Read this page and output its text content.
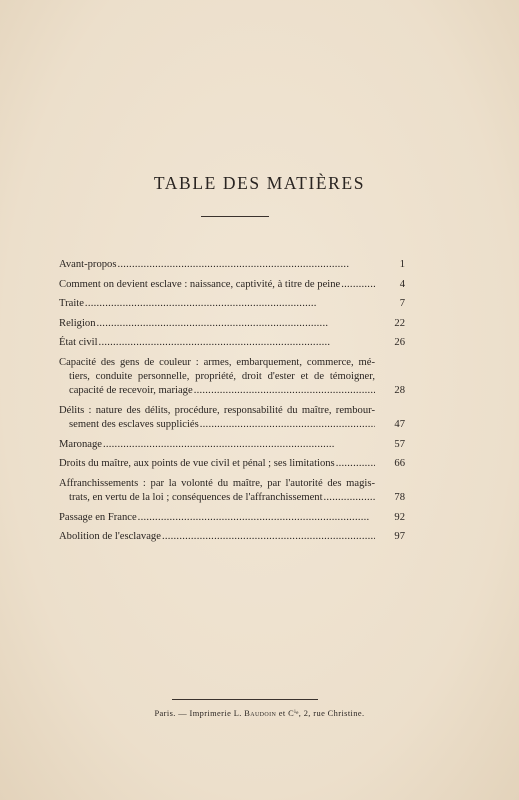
TABLE DES MATIÈRES
Avant-propos . . .	1
Comment on devient esclave : naissance, captivité, à titre de peine . . .	4
Traite . . .	7
Religion . . .	22
État civil . . .	26
Capacité des gens de couleur : armes, embarquement, commerce, mé-
tiers, conduite personnelle, propriété, droit d'ester et de témoigner,
capacité de recevoir, mariage . . .	28
Délits : nature des délits, procédure, responsabilité du maître, rembour-
sement des esclaves suppliciés . . .	47
Maronage . . .	57
Droits du maître, aux points de vue civil et pénal ; ses limitations . . .	66
Affranchissements : par la volonté du maître, par l'autorité des magis-
trats, en vertu de la loi ; conséquences de l'affranchissement . . .	78
Passage en France . . .	92
Abolition de l'esclavage . . .	97
Paris. — Imprimerie L. Baudoin et Cⁱᵉ, 2, rue Christine.
